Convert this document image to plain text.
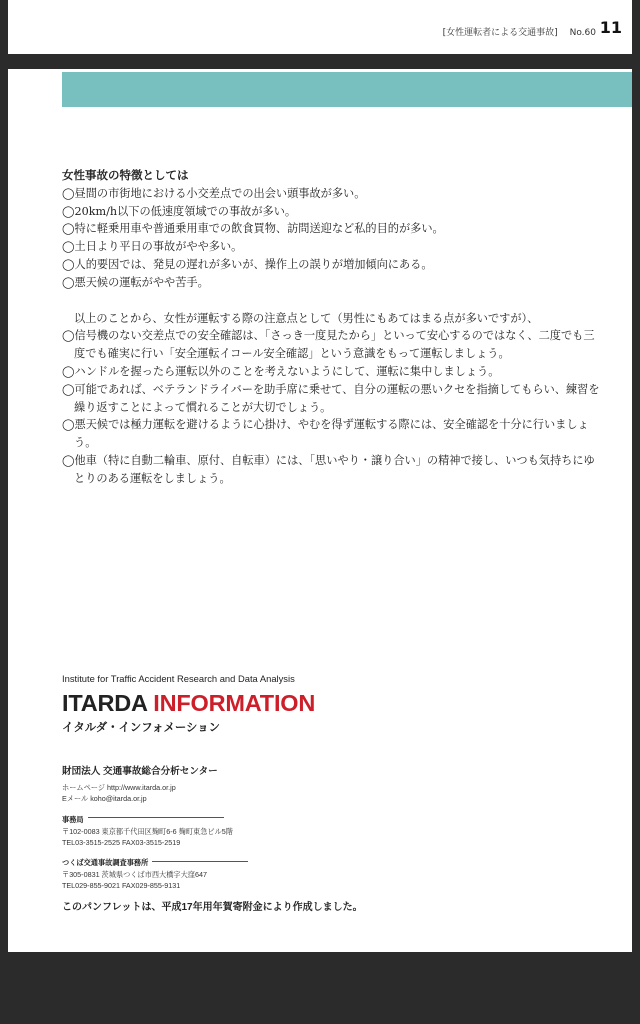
[女性運転者による交通事故] No.60 11
女性事故の特徴としては
◯昼間の市街地における小交差点での出会い頭事故が多い。
◯20km/h以下の低速度領域での事故が多い。
◯特に軽乗用車や普通乗用車での飲食買物、訪問送迎など私的目的が多い。
◯土日より平日の事故がやや多い。
◯人的要因では、発見の遅れが多いが、操作上の誤りが増加傾向にある。
◯悪天候の運転がやや苦手。
以上のことから、女性が運転する際の注意点として（男性にもあてはまる点が多いですが）、
◯信号機のない交差点での安全確認は、「さっき一度見たから」といって安心するのではなく、二度でも三度でも確実に行い「安全運転イコール安全確認」という意識をもって運転しましょう。
◯ハンドルを握ったら運転以外のことを考えないようにして、運転に集中しましょう。
◯可能であれば、ベテランドライバーを助手席に乗せて、自分の運転の悪いクセを指摘してもらい、練習を繰り返すことによって慣れることが大切でしょう。
◯悪天候では極力運転を避けるように心掛け、やむを得ず運転する際には、安全確認を十分に行いましょう。
◯他車（特に自動二輪車、原付、自転車）には、「思いやり・譲り合い」の精神で接し、いつも気持ちにゆとりのある運転をしましょう。
Institute for Traffic Accident Research and Data Analysis
ITARDA INFORMATION
イタルダ・インフォメーション
財団法人 交通事故総合分析センター
ホームページ http://www.itarda.or.jp
Eメール koho@itarda.or.jp
事務局
〒102-0083 東京都千代田区麹町6-6 麹町東急ビル5階
TEL03-3515-2525 FAX03-3515-2519
つくば交通事故調査事務所
〒305-0831 茨城県つくば市西大橋字大窪647
TEL029-855-9021 FAX029-855-9131
このパンフレットは、平成17年用年賀寄附金により作成しました。
